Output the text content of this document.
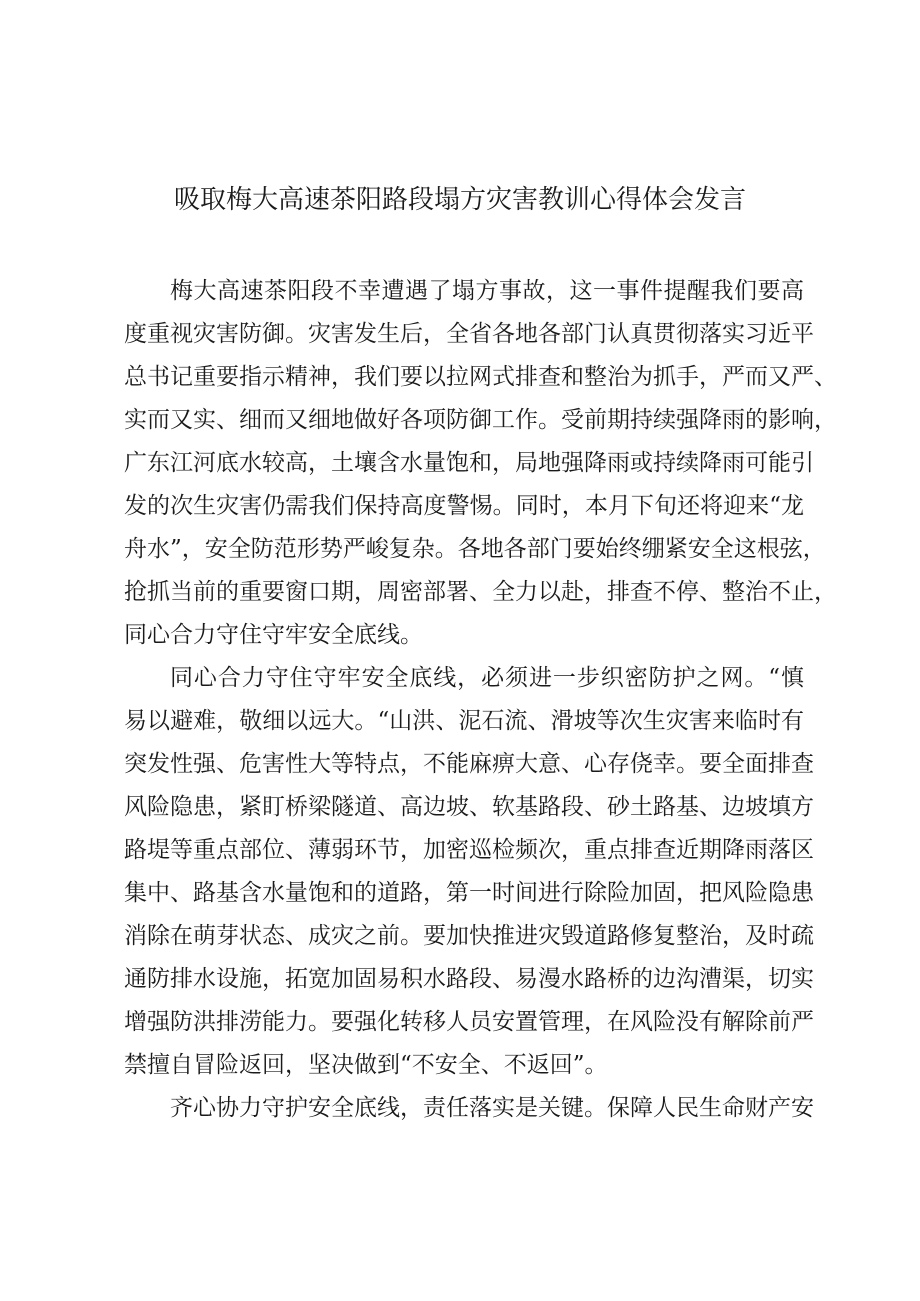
吸取梅大高速茶阳路段塌方灾害教训心得体会发言
梅大高速茶阳段不幸遭遇了塌方事故，这一事件提醒我们要高
度重视灾害防御。灾害发生后，全省各地各部门认真贯彻落实习近平
总书记重要指示精神，我们要以拉网式排查和整治为抓手，严而又严、
实而又实、细而又细地做好各项防御工作。受前期持续强降雨的影响，
广东江河底水较高，土壤含水量饱和，局地强降雨或持续降雨可能引
发的次生灾害仍需我们保持高度警惕。同时，本月下旬还将迎来“龙
舟水”，安全防范形势严峻复杂。各地各部门要始终绷紧安全这根弦，
抢抓当前的重要窗口期，周密部署、全力以赴，排查不停、整治不止，
同心合力守住守牢安全底线。
同心合力守住守牢安全底线，必须进一步织密防护之网。“慎
易以避难，敬细以远大。“山洪、泥石流、滑坡等次生灾害来临时有
突发性强、危害性大等特点，不能麻痹大意、心存侥幸。要全面排查
风险隐患，紧盯桥梁隧道、高边坡、软基路段、砂土路基、边坡填方
路堤等重点部位、薄弱环节，加密巡检频次，重点排查近期降雨落区
集中、路基含水量饱和的道路，第一时间进行除险加固，把风险隐患
消除在萌芽状态、成灾之前。要加快推进灾毁道路修复整治，及时疏
通防排水设施，拓宽加固易积水路段、易漫水路桥的边沟漕渠，切实
增强防洪排涝能力。要强化转移人员安置管理，在风险没有解除前严
禁擅自冒险返回，坚决做到“不安全、不返回”。
齐心协力守护安全底线，责任落实是关键。保障人民生命财产安
